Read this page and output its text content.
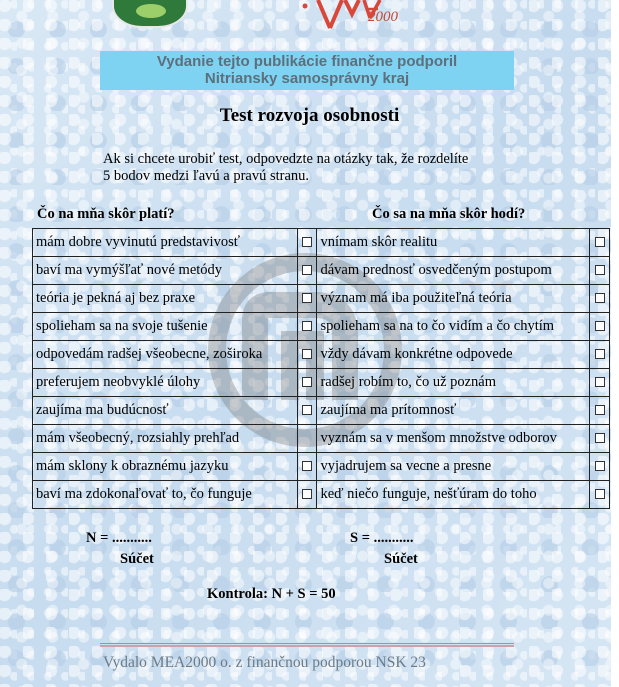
2000
Vydanie tejto publikácie finančne podporil
Nitriansky samosprávny kraj
Test rozvoja osobnosti
Ak si chcete urobiť test, odpovedzte na otázky tak, že rozdelíte
5 bodov medzi ľavú a pravú stranu.
Čo na mňa skôr platí?	Čo sa na mňa skôr hodí?
mám dobre vyvinutú predstavivosť		vnímam skôr realitu	
baví ma vymýšľať nové metódy		dávam prednosť osvedčeným postupom	
teória je pekná aj bez praxe		význam má iba použiteľná teória	
spolieham sa na svoje tušenie		spolieham sa na to čo vidím a čo chytím	
odpovedám radšej všeobecne, zoširoka		vždy dávam konkrétne odpovede	
preferujem neobvyklé úlohy		radšej robím to, čo už poznám	
zaujíma ma budúcnosť		zaujíma ma prítomnosť	
mám všeobecný, rozsiahly prehľad		vyznám sa v menšom množstve odborov	
mám sklony k obraznému jazyku		vyjadrujem sa vecne a presne	
baví ma zdokonaľovať to, čo funguje		keď niečo funguje, nešťúram do toho	
N = ...........
Súčet
S = ...........
Súčet
Kontrola: N + S = 50
Vydalo MEA2000 o. z finančnou podporou NSK 23
